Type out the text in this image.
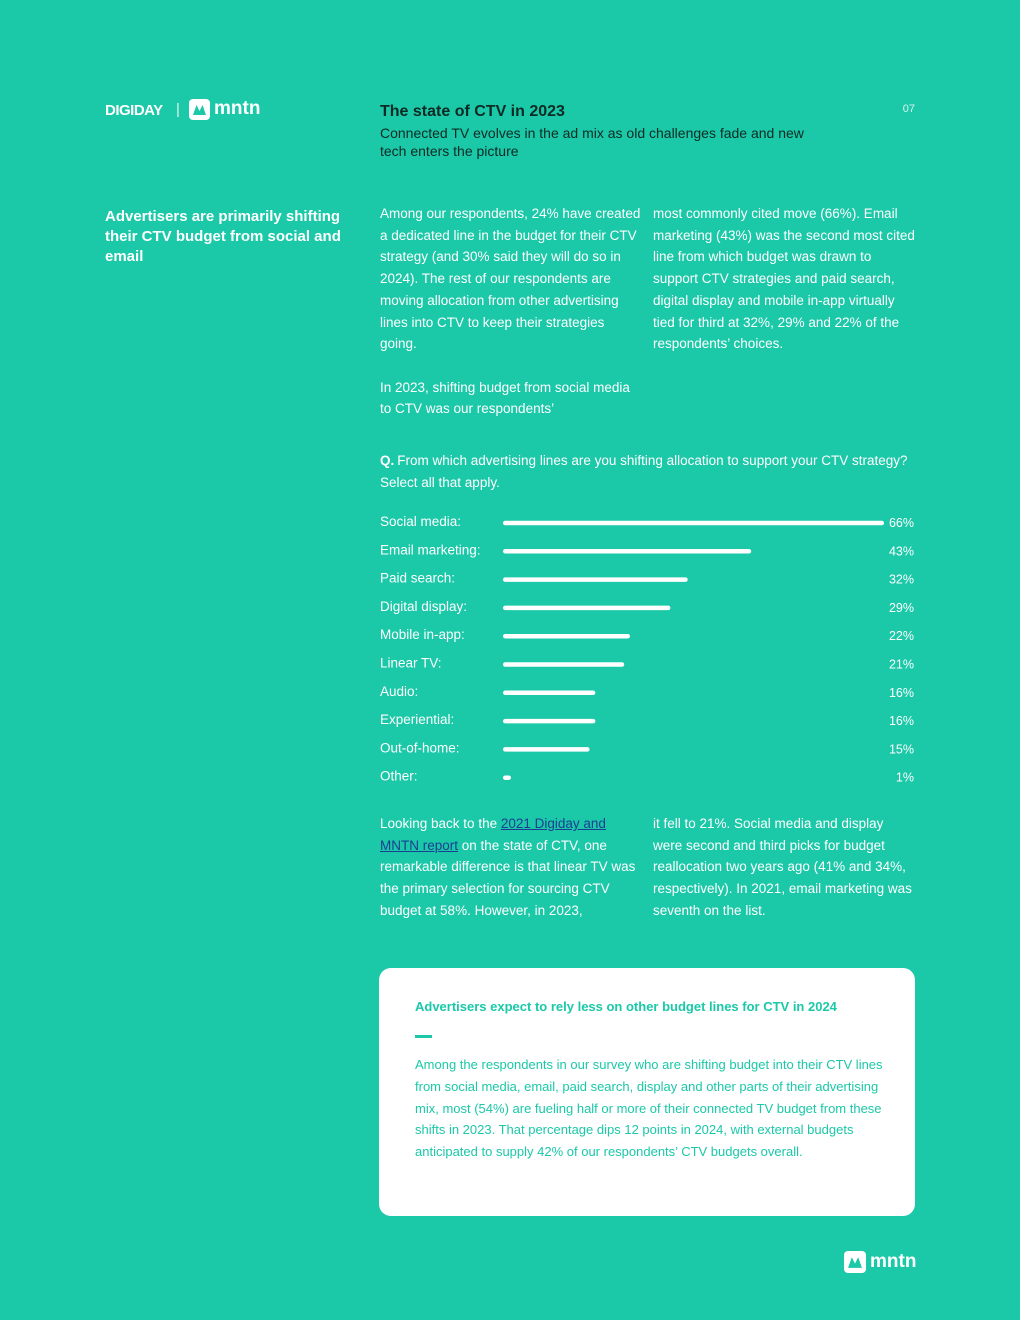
DIGIDAY | mntn	The state of CTV in 2023
Connected TV evolves in the ad mix as old challenges fade and new tech enters the picture
07
Advertisers are primarily shifting their CTV budget from social and email

Among our respondents, 24% have created a dedicated line in the budget for their CTV strategy (and 30% said they will do so in 2024). The rest of our respondents are moving allocation from other advertising lines into CTV to keep their strategies going.

In 2023, shifting budget from social media to CTV was our respondents’

most commonly cited move (66%). Email marketing (43%) was the second most cited line from which budget was drawn to support CTV strategies and paid search, digital display and mobile in-app virtually tied for third at 32%, 29% and 22% of the respondents’ choices.

Q. From which advertising lines are you shifting allocation to support your CTV strategy? Select all that apply.
Social media:	66%
Email marketing:	43%
Paid search:	32%
Digital display:	29%
Mobile in-app:	22%
Linear TV:	21%
Audio:	16%
Experiential:	16%
Out-of-home:	15%
Other:	1%

Looking back to the 2021 Digiday and MNTN report on the state of CTV, one remarkable difference is that linear TV was the primary selection for sourcing CTV budget at 58%. However, in 2023,

it fell to 21%. Social media and display were second and third picks for budget reallocation two years ago (41% and 34%, respectively). In 2021, email marketing was seventh on the list.

Advertisers expect to rely less on other budget lines for CTV in 2024
Among the respondents in our survey who are shifting budget into their CTV lines from social media, email, paid search, display and other parts of their advertising mix, most (54%) are fueling half or more of their connected TV budget from these shifts in 2023. That percentage dips 12 points in 2024, with external budgets anticipated to supply 42% of our respondents’ CTV budgets overall.
mntn
